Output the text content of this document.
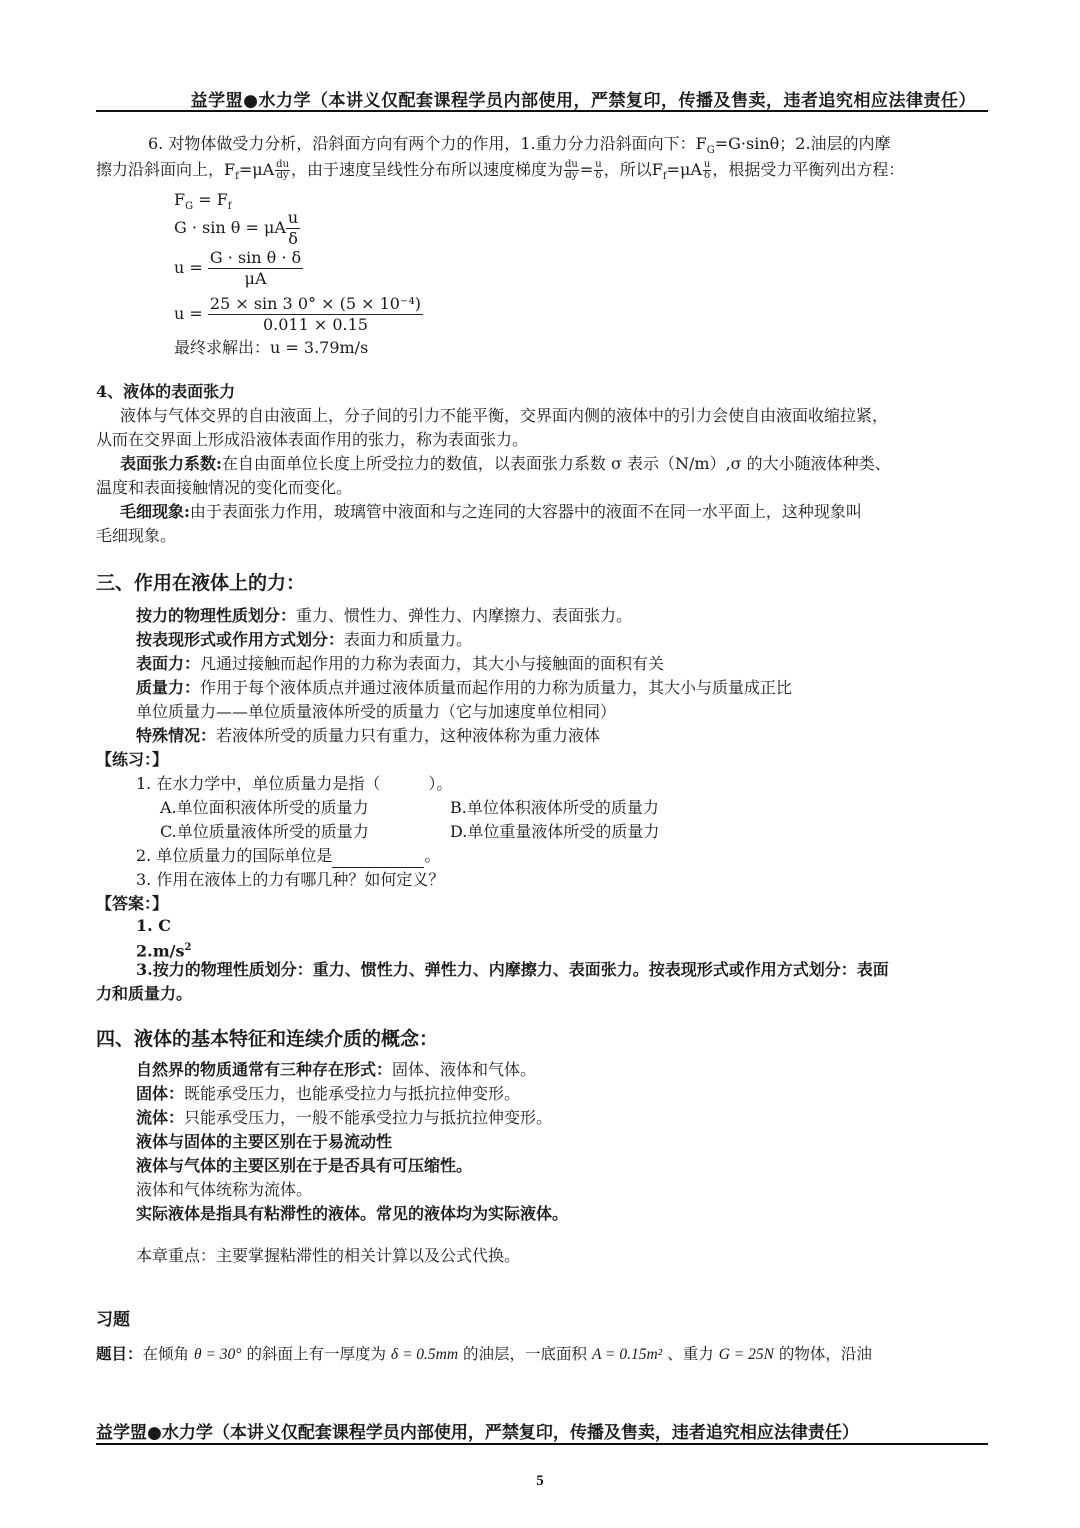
益学盟●水力学（本讲义仅配套课程学员内部使用，严禁复印，传播及售卖，违者追究相应法律责任）
6. 对物体做受力分析，沿斜面方向有两个力的作用，1.重力分力沿斜面向下：$F_G=G\cdot\sin\theta$；2.油层的内摩
擦力沿斜面向上，$F_f=\mu A \frac{du}{dy}$ ，由于速度呈线性分布所以速度梯度为 $\frac{du}{dy} = \frac{u}{\delta}$ ，所以$F_f=\mu A \frac{u}{\delta}$ ，根据受力平衡列出方程：
$F_G = F_f$
G · sin θ = μA $\frac{u}{\delta}$
$u = \frac{\text{G · sin θ · δ}}{\mu A}$
$u = \frac{\text{25 × sin 3 0° × (5 × 10⁻⁴)}}{0.011 \times 0.15}$
最终求解出：u = 3.79m/s
4、液体的表面张力
液体与气体交界的自由液面上，分子间的引力不能平衡，交界面内侧的液体中的引力会使自由液面收缩拉紧，
从而在交界面上形成沿液体表面作用的张力，称为表面张力。
表面张力系数:在自由面单位长度上所受拉力的数值，以表面张力系数 σ 表示（N/m）,σ 的大小随液体种类、
温度和表面接触情况的变化而变化。
毛细现象:由于表面张力作用，玻璃管中液面和与之连同的大容器中的液面不在同一水平面上，这种现象叫
毛细现象。
三、作用在液体上的力：
按力的物理性质划分：重力、惯性力、弹性力、内摩擦力、表面张力。
按表现形式或作用方式划分：表面力和质量力。
表面力：凡通过接触而起作用的力称为表面力，其大小与接触面的面积有关
质量力：作用于每个液体质点并通过液体质量而起作用的力称为质量力，其大小与质量成正比
单位质量力——单位质量液体所受的质量力（它与加速度单位相同）
特殊情况：若液体所受的质量力只有重力，这种液体称为重力液体
【练习：】
1. 在水力学中，单位质量力是指（　　　）。
A.单位面积液体所受的质量力	B.单位体积液体所受的质量力
C.单位质量液体所受的质量力	D.单位重量液体所受的质量力
2. 单位质量力的国际单位是	。
3. 作用在液体上的力有哪几种？如何定义？
【答案：】
1. C
$2.m/s^2$
3.按力的物理性质划分：重力、惯性力、弹性力、内摩擦力、表面张力。按表现形式或作用方式划分：表面
力和质量力。
四、液体的基本特征和连续介质的概念：
自然界的物质通常有三种存在形式：固体、液体和气体。
固体：既能承受压力，也能承受拉力与抵抗拉伸变形。
流体：只能承受压力，一般不能承受拉力与抵抗拉伸变形。
液体与固体的主要区别在于易流动性
液体与气体的主要区别在于是否具有可压缩性。
液体和气体统称为流体。
实际液体是指具有粘滞性的液体。常见的液体均为实际液体。
本章重点：主要掌握粘滞性的相关计算以及公式代换。
习题
题目：在倾角 θ = 30° 的斜面上有一厚度为 δ = 0.5mm 的油层，一底面积 A = 0.15m² 、重力 G = 25N 的物体，沿油
益学盟●水力学（本讲义仅配套课程学员内部使用，严禁复印，传播及售卖，违者追究相应法律责任）
5
